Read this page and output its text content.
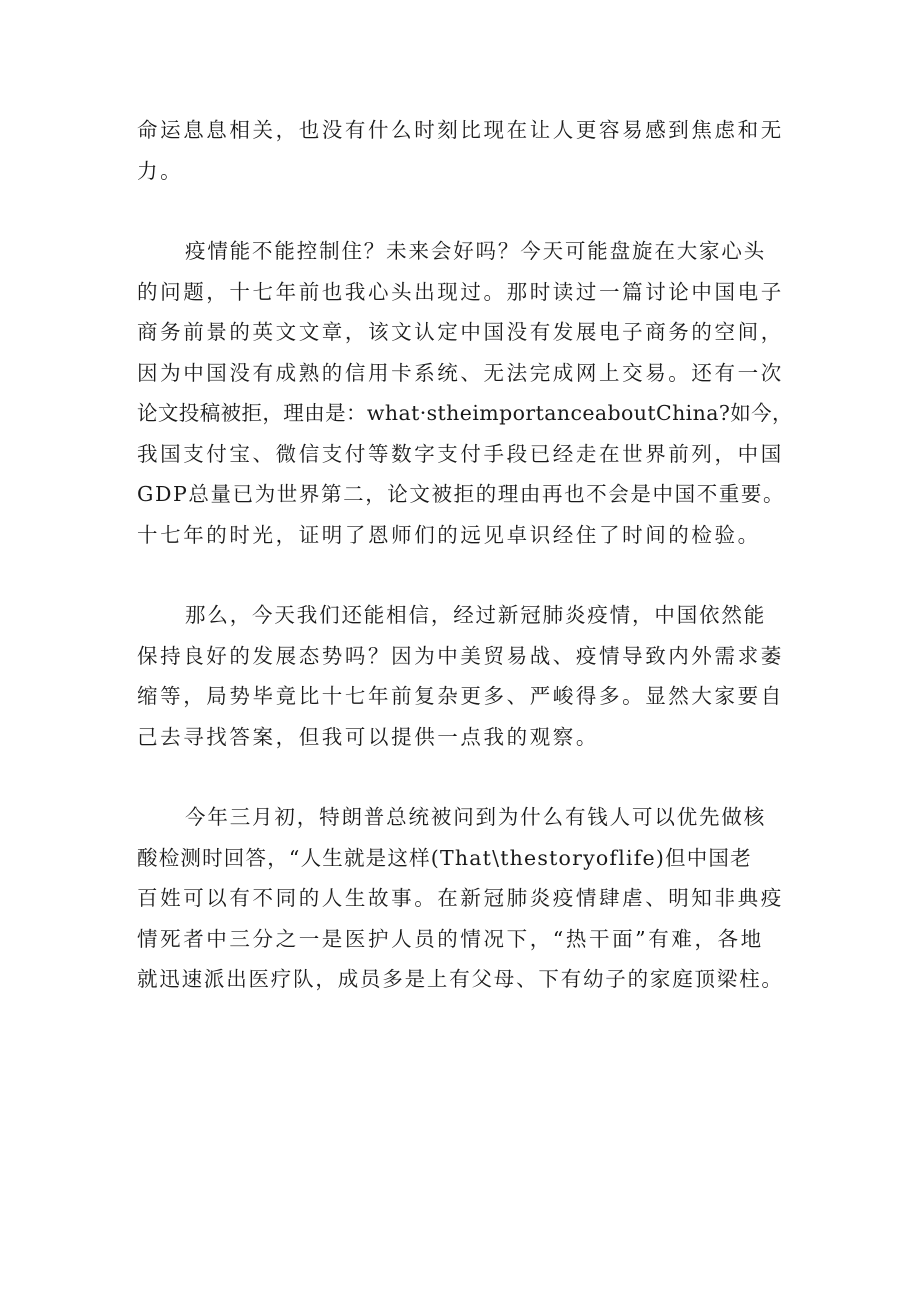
命运息息相关，也没有什么时刻比现在让人更容易感到焦虑和无
力。
疫情能不能控制住？未来会好吗？今天可能盘旋在大家心头
的问题，十七年前也我心头出现过。那时读过一篇讨论中国电子
商务前景的英文文章，该文认定中国没有发展电子商务的空间，
因为中国没有成熟的信用卡系统、无法完成网上交易。还有一次
论文投稿被拒，理由是：what·stheimportanceaboutChina?如今，
我国支付宝、微信支付等数字支付手段已经走在世界前列，中国
GDP总量已为世界第二，论文被拒的理由再也不会是中国不重要。
十七年的时光，证明了恩师们的远见卓识经住了时间的检验。
那么，今天我们还能相信，经过新冠肺炎疫情，中国依然能
保持良好的发展态势吗？因为中美贸易战、疫情导致内外需求萎
缩等，局势毕竟比十七年前复杂更多、严峻得多。显然大家要自
己去寻找答案，但我可以提供一点我的观察。
今年三月初，特朗普总统被问到为什么有钱人可以优先做核
酸检测时回答，“人生就是这样(That\thestoryoflife)但中国老
百姓可以有不同的人生故事。在新冠肺炎疫情肆虐、明知非典疫
情死者中三分之一是医护人员的情况下，“热干面”有难，各地
就迅速派出医疗队，成员多是上有父母、下有幼子的家庭顶梁柱。
